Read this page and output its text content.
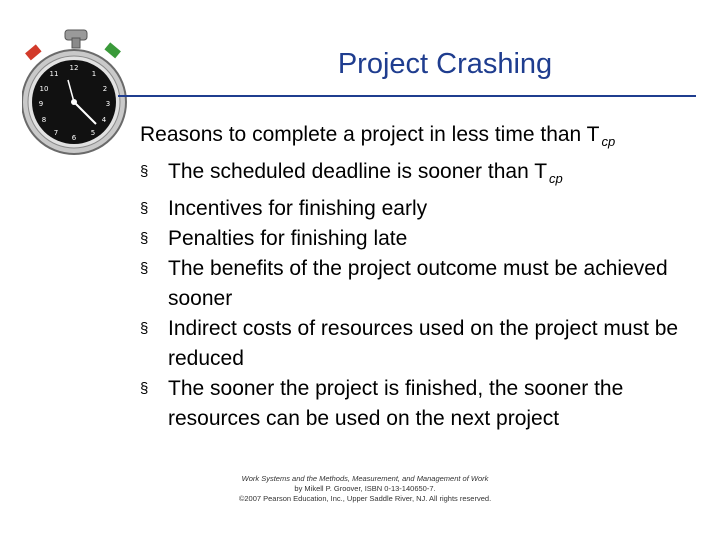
12
1
2
3
4
5
6
7
8
9
10
11	Project Crashing
Reasons to complete a project in less time than T $_{cp}$
§ The scheduled deadline is sooner than T $_{cp}$
§ Incentives for finishing early
§ Penalties for finishing late
§ The benefits of the project outcome must be achieved sooner
§ Indirect costs of resources used on the project must be reduced
§ The sooner the project is finished, the sooner the resources can be used on the next project
Work Systems and the Methods, Measurement, and Management of Work
by Mikell P. Groover, ISBN 0-13-140650-7.
©2007 Pearson Education, Inc., Upper Saddle River, NJ. All rights reserved.
